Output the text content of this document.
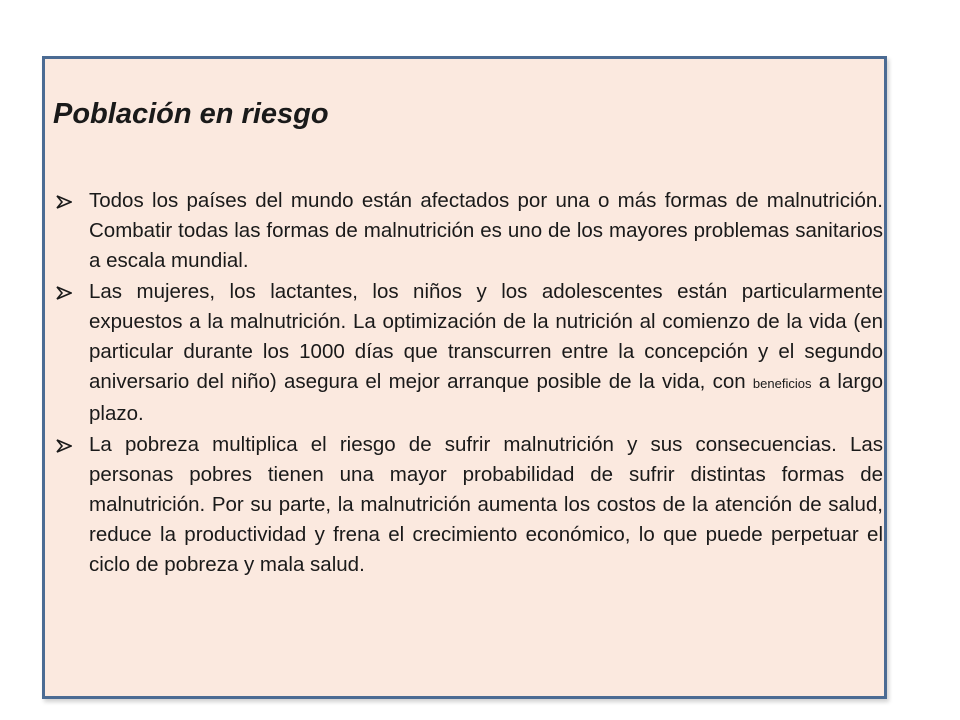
Población en riesgo
Todos los países del mundo están afectados por una o más formas de malnutrición. Combatir todas las formas de malnutrición es uno de los mayores problemas sanitarios a escala mundial.
Las mujeres, los lactantes, los niños y los adolescentes están particularmente expuestos a la malnutrición. La optimización de la nutrición al comienzo de la vida (en particular durante los 1000 días que transcurren entre la concepción y el segundo aniversario del niño) asegura el mejor arranque posible de la vida, con beneficios a largo plazo.
La pobreza multiplica el riesgo de sufrir malnutrición y sus consecuencias. Las personas pobres tienen una mayor probabilidad de sufrir distintas formas de malnutrición. Por su parte, la malnutrición aumenta los costos de la atención de salud, reduce la productividad y frena el crecimiento económico, lo que puede perpetuar el ciclo de pobreza y mala salud.
